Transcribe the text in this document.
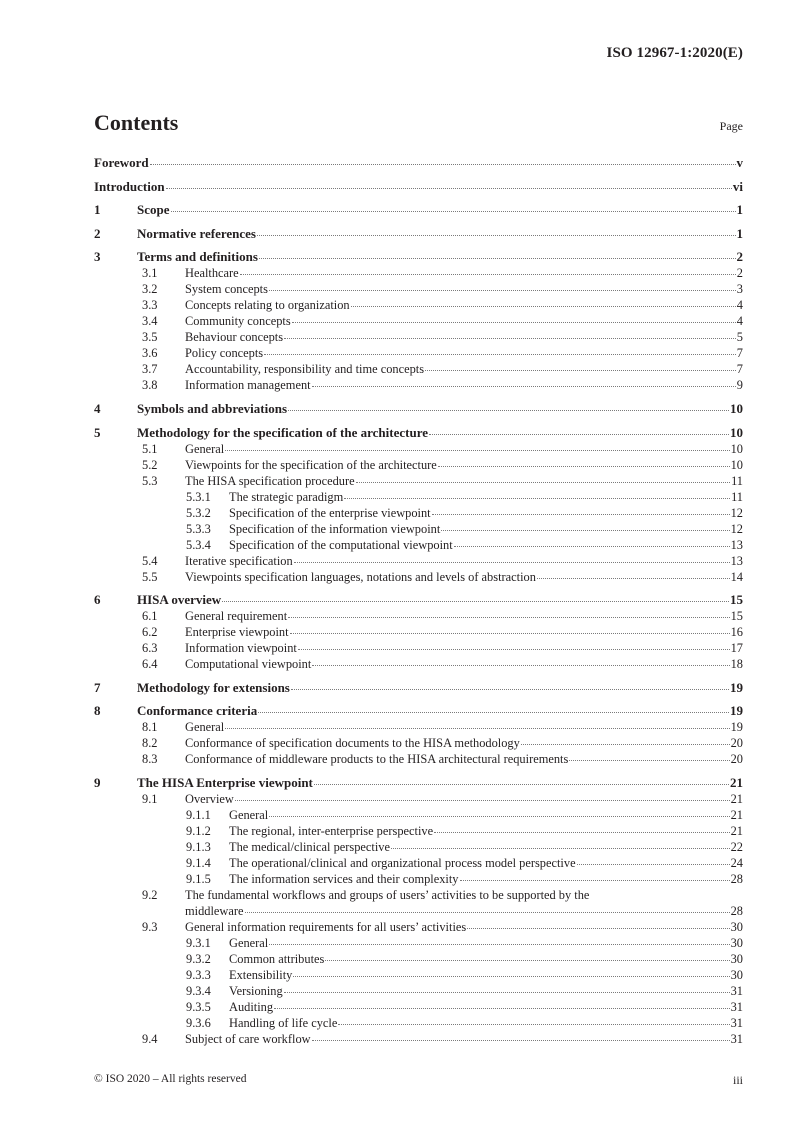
ISO 12967-1:2020(E)
Contents	Page
Foreword	v
Introduction	vi
1	Scope	1
2	Normative references	1
3	Terms and definitions	2
3.1	Healthcare	2
3.2	System concepts	3
3.3	Concepts relating to organization	4
3.4	Community concepts	4
3.5	Behaviour concepts	5
3.6	Policy concepts	7
3.7	Accountability, responsibility and time concepts	7
3.8	Information management	9
4	Symbols and abbreviations	10
5	Methodology for the specification of the architecture	10
5.1	General	10
5.2	Viewpoints for the specification of the architecture	10
5.3	The HISA specification procedure	11
5.3.1	The strategic paradigm	11
5.3.2	Specification of the enterprise viewpoint	12
5.3.3	Specification of the information viewpoint	12
5.3.4	Specification of the computational viewpoint	13
5.4	Iterative specification	13
5.5	Viewpoints specification languages, notations and levels of abstraction	14
6	HISA overview	15
6.1	General requirement	15
6.2	Enterprise viewpoint	16
6.3	Information viewpoint	17
6.4	Computational viewpoint	18
7	Methodology for extensions	19
8	Conformance criteria	19
8.1	General	19
8.2	Conformance of specification documents to the HISA methodology	20
8.3	Conformance of middleware products to the HISA architectural requirements	20
9	The HISA Enterprise viewpoint	21
9.1	Overview	21
9.1.1	General	21
9.1.2	The regional, inter-enterprise perspective	21
9.1.3	The medical/clinical perspective	22
9.1.4	The operational/clinical and organizational process model perspective	24
9.1.5	The information services and their complexity	28
9.2	The fundamental workflows and groups of users’ activities to be supported by the
middleware	28
9.3	General information requirements for all users’ activities	30
9.3.1	General	30
9.3.2	Common attributes	30
9.3.3	Extensibility	30
9.3.4	Versioning	31
9.3.5	Auditing	31
9.3.6	Handling of life cycle	31
9.4	Subject of care workflow	31
© ISO 2020 – All rights reserved	iii
